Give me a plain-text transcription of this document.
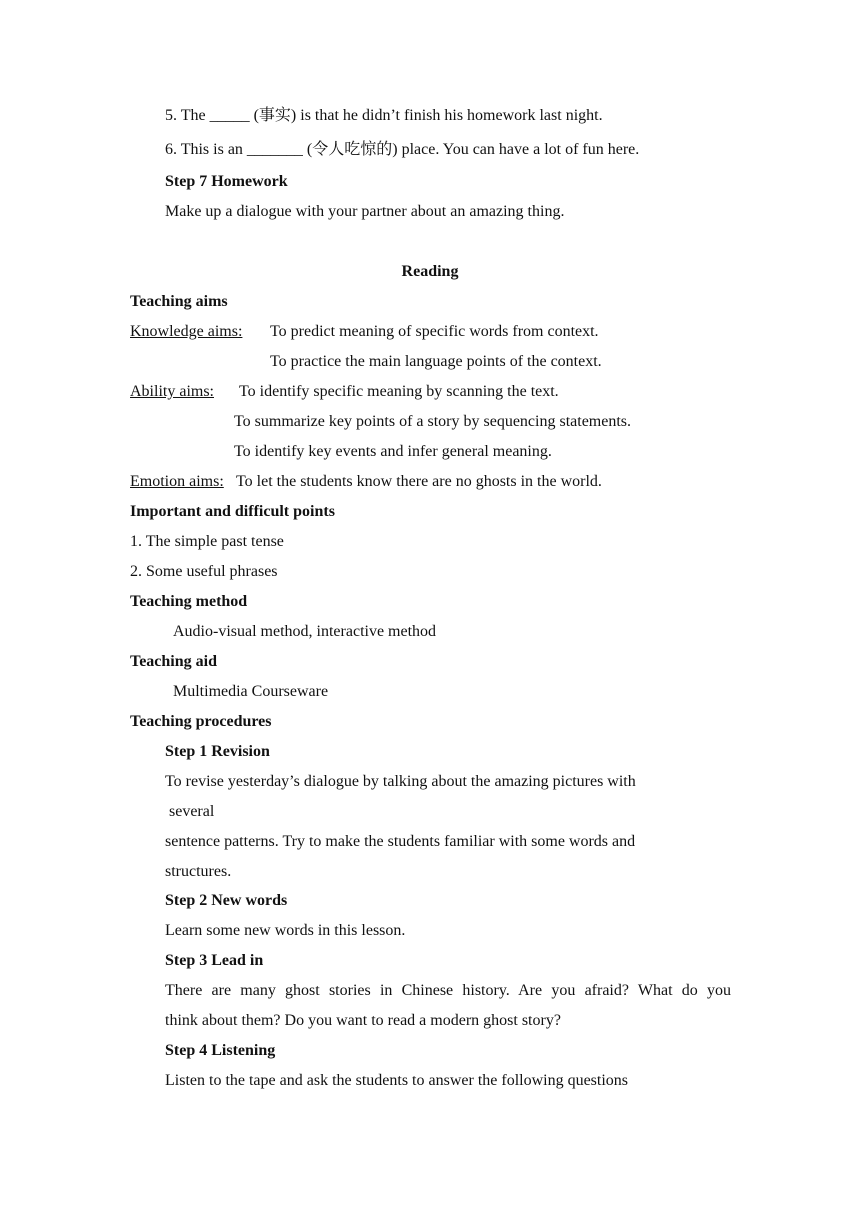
5. The _____ (事实) is that he didn’t finish his homework last night.
6. This is an _______ (令人吃惊的) place. You can have a lot of fun here.
Step 7 Homework
Make up a dialogue with your partner about an amazing thing.
Reading
Teaching aims
Knowledge aims: To predict meaning of specific words from context.
To practice the main language points of the context.
Ability aims: To identify specific meaning by scanning the text.
To summarize key points of a story by sequencing statements.
To identify key events and infer general meaning.
Emotion aims: To let the students know there are no ghosts in the world.
Important and difficult points
1. The simple past tense
2. Some useful phrases
Teaching method
Audio-visual method, interactive method
Teaching aid
Multimedia Courseware
Teaching procedures
Step 1 Revision
To revise yesterday’s dialogue by talking about the amazing pictures with
several
sentence patterns. Try to make the students familiar with some words and
structures.
Step 2 New words
Learn some new words in this lesson.
Step 3 Lead in
There are many ghost stories in Chinese history. Are you afraid? What do you
think about them? Do you want to read a modern ghost story?
Step 4 Listening
Listen to the tape and ask the students to answer the following questions
